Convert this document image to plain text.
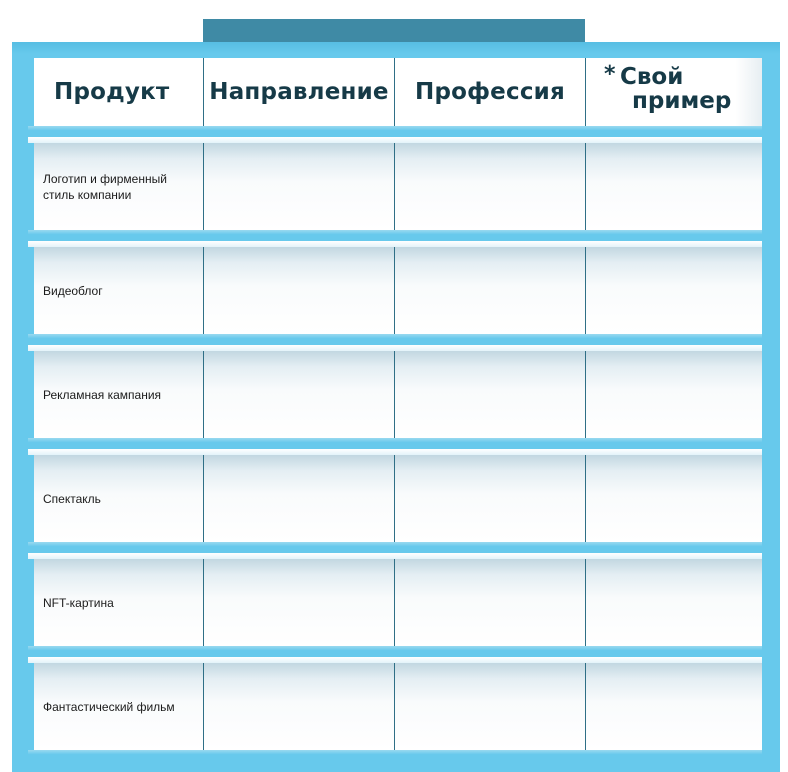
Продукт	Направление	Профессия
* Свой
пример
Логотип и фирменный стиль компании
Видеоблог
Рекламная кампания
Спектакль
NFT-картина
Фантастический фильм
